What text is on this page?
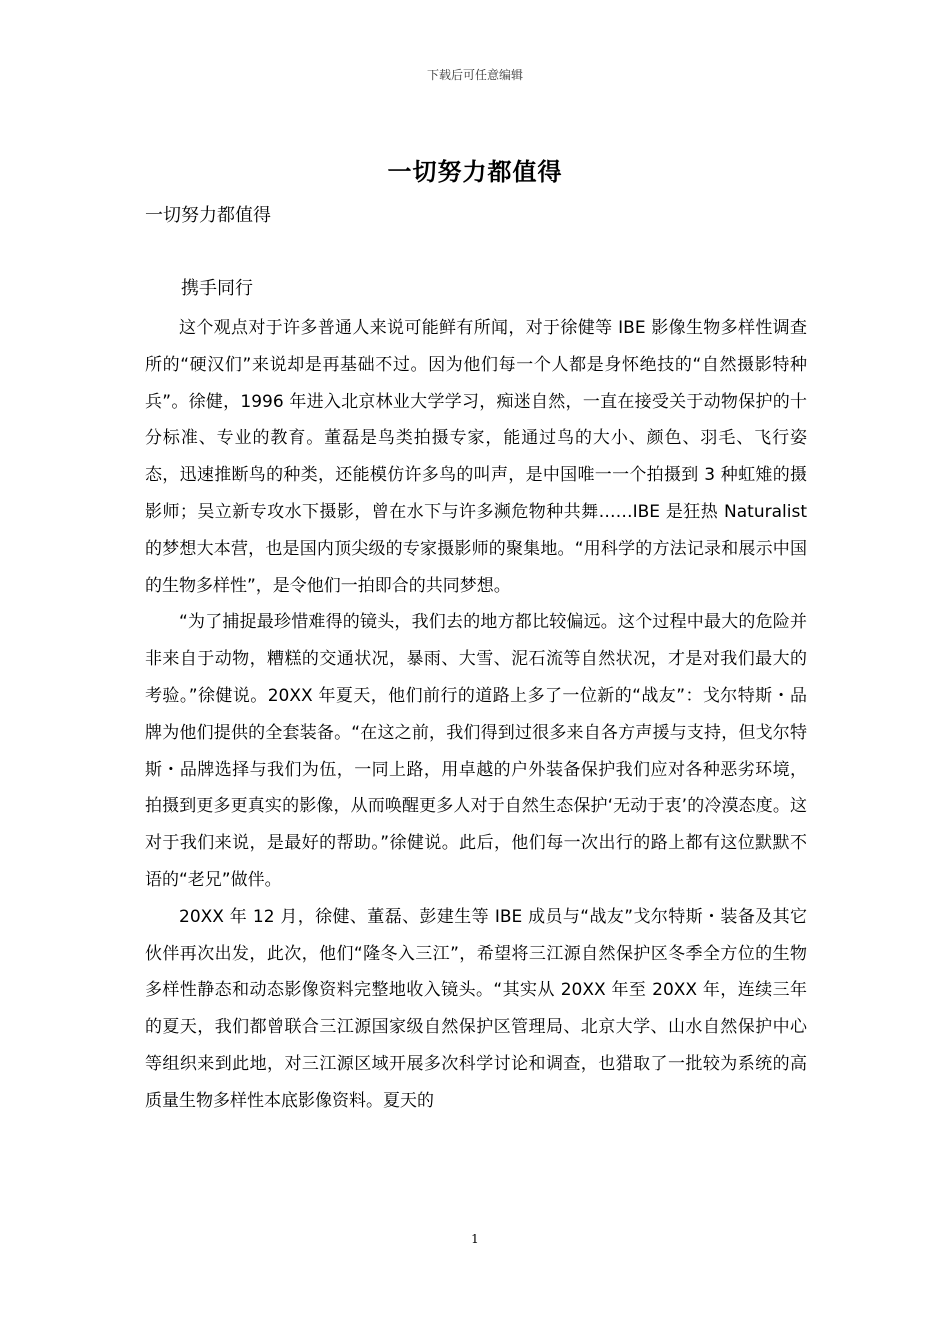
下载后可任意编辑
一切努力都值得
一切努力都值得
携手同行

这个观点对于许多普通人来说可能鲜有所闻，对于徐健等 IBE 影像生物多样性调查所的“硬汉们”来说却是再基础不过。因为他们每一个人都是身怀绝技的“自然摄影特种兵”。徐健，1996 年进入北京林业大学学习，痴迷自然，一直在接受关于动物保护的十分标准、专业的教育。董磊是鸟类拍摄专家，能通过鸟的大小、颜色、羽毛、飞行姿态，迅速推断鸟的种类，还能模仿许多鸟的叫声，是中国唯一一个拍摄到 3 种虹雉的摄影师；吴立新专攻水下摄影，曾在水下与许多濒危物种共舞……IBE 是狂热 Naturalist 的梦想大本营，也是国内顶尖级的专家摄影师的聚集地。“用科学的方法记录和展示中国的生物多样性”，是令他们一拍即合的共同梦想。

“为了捕捉最珍惜难得的镜头，我们去的地方都比较偏远。这个过程中最大的危险并非来自于动物，糟糕的交通状况，暴雨、大雪、泥石流等自然状况，才是对我们最大的考验。”徐健说。20XX 年夏天，他们前行的道路上多了一位新的“战友”：戈尔特斯・品牌为他们提供的全套装备。“在这之前，我们得到过很多来自各方声援与支持，但戈尔特斯・品牌选择与我们为伍，一同上路，用卓越的户外装备保护我们应对各种恶劣环境，拍摄到更多更真实的影像，从而唤醒更多人对于自然生态保护‘无动于衷’的冷漠态度。这对于我们来说，是最好的帮助。”徐健说。此后，他们每一次出行的路上都有这位默默不语的“老兄”做伴。

20XX 年 12 月，徐健、董磊、彭建生等 IBE 成员与“战友”戈尔特斯・装备及其它伙伴再次出发，此次，他们“隆冬入三江”，希望将三江源自然保护区冬季全方位的生物多样性静态和动态影像资料完整地收入镜头。“其实从 20XX 年至 20XX 年，连续三年的夏天，我们都曾联合三江源国家级自然保护区管理局、北京大学、山水自然保护中心等组织来到此地，对三江源区域开展多次科学讨论和调查，也猎取了一批较为系统的高质量生物多样性本底影像资料。夏天的

1
